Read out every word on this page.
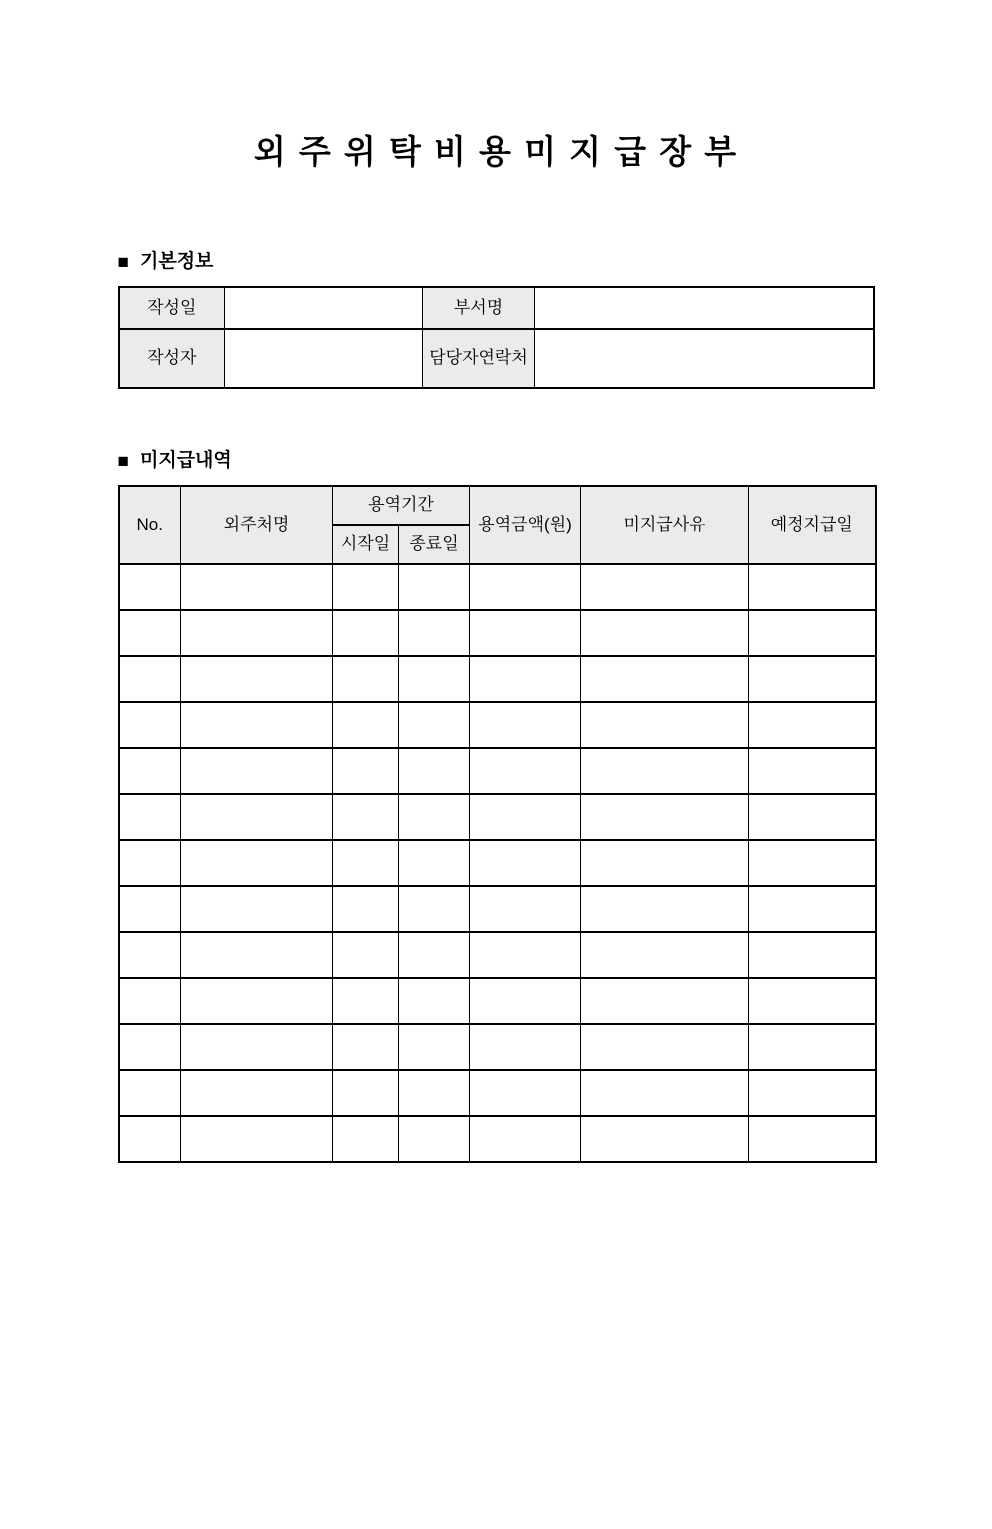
외 주 위 탁 비 용 미 지 급 장 부
■ 기본정보
작성일		부서명	
작성자		담당자연락처	
■ 미지급내역
No.	외주처명	용역기간		용역금액(원)	미지급사유	예정지급일
		시작일	종료일			
